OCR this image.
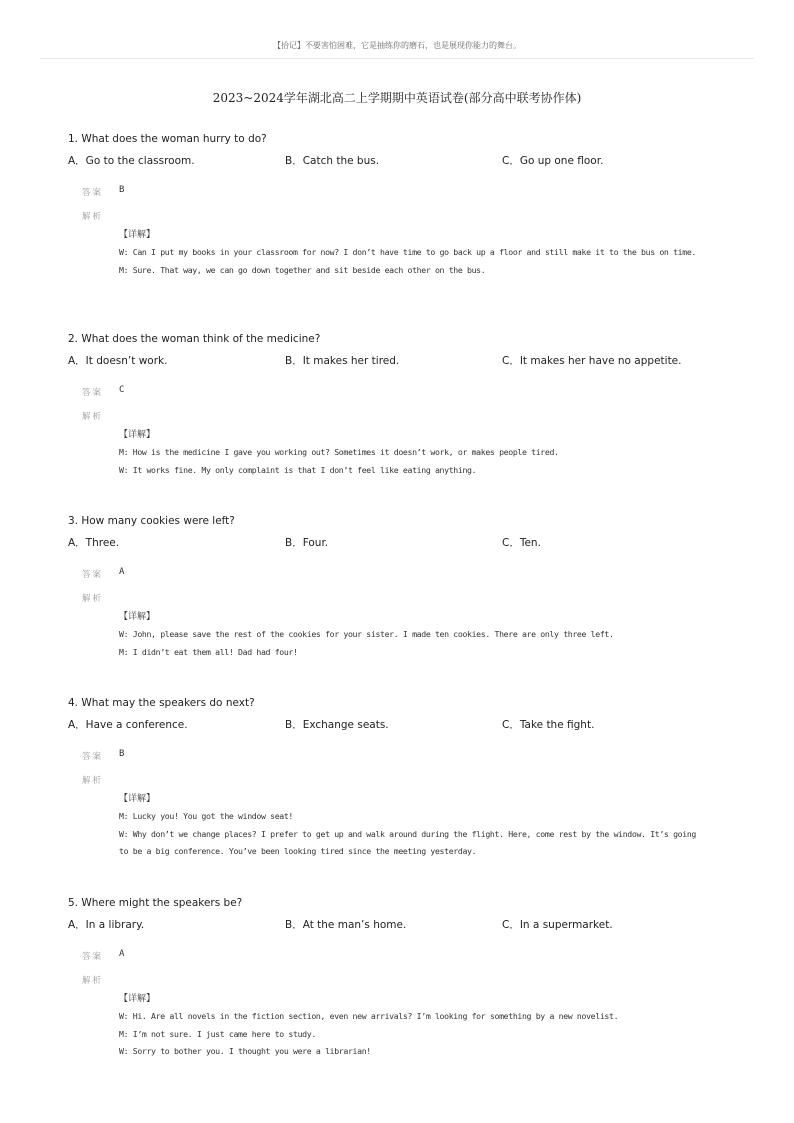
【拾记】不要害怕困难，它是抽练你的磨石，也是展现你能力的舞台。
2023~2024学年湖北高二上学期期中英语试卷(部分高中联考协作体)
1. What does the woman hurry to do?
A．Go to the classroom.	B．Catch the bus.	C．Go up one floor.
答案 B
解析
【详解】
W: Can I put my books in your classroom for now? I don’t have time to go back up a floor and still make it to the bus on time.
M: Sure. That way, we can go down together and sit beside each other on the bus.
2. What does the woman think of the medicine?
A．It doesn’t work.	B．It makes her tired.	C．It makes her have no appetite.
答案 C
解析
【详解】
M: How is the medicine I gave you working out? Sometimes it doesn’t work, or makes people tired.
W: It works fine. My only complaint is that I don’t feel like eating anything.
3. How many cookies were left?
A．Three.	B．Four.	C．Ten.
答案 A
解析
【详解】
W: John, please save the rest of the cookies for your sister. I made ten cookies. There are only three left.
M: I didn’t eat them all! Dad had four!
4. What may the speakers do next?
A．Have a conference.	B．Exchange seats.	C．Take the fight.
答案 B
解析
【详解】
M: Lucky you! You got the window seat!
W: Why don’t we change places? I prefer to get up and walk around during the flight. Here, come rest by the window. It’s going to be a big conference. You’ve been looking tired since the meeting yesterday.
5. Where might the speakers be?
A．In a library.	B．At the man’s home.	C．In a supermarket.
答案 A
解析
【详解】
W: Hi. Are all novels in the fiction section, even new arrivals? I’m looking for something by a new novelist.
M: I’m not sure. I just came here to study.
W: Sorry to bother you. I thought you were a librarian!
